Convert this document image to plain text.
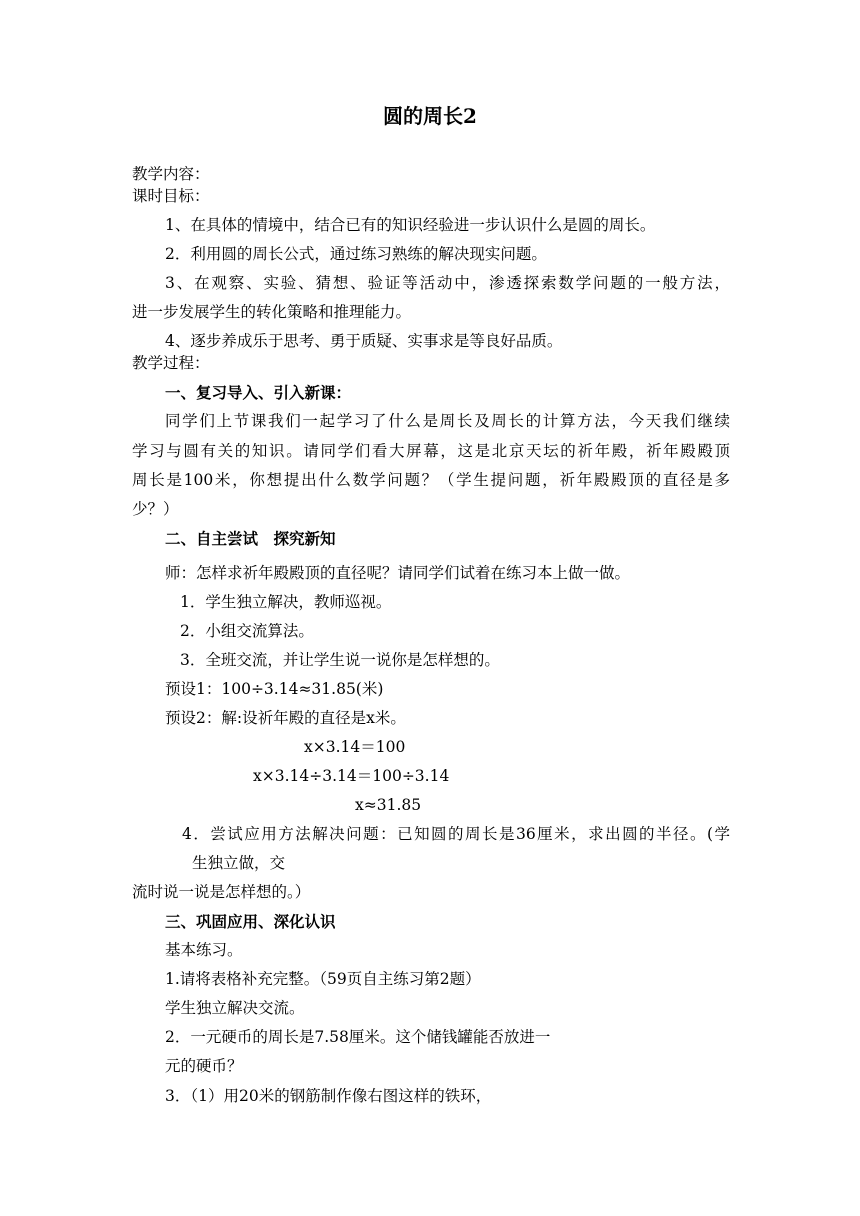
圆的周长2
教学内容：
课时目标：
1、在具体的情境中，结合已有的知识经验进一步认识什么是圆的周长。
2．利用圆的周长公式，通过练习熟练的解决现实问题。
3、在观察、实验、猜想、验证等活动中，渗透探索数学问题的一般方法，
进一步发展学生的转化策略和推理能力。
4、逐步养成乐于思考、勇于质疑、实事求是等良好品质。
教学过程：
一、复习导入、引入新课：
同学们上节课我们一起学习了什么是周长及周长的计算方法，今天我们继续
学习与圆有关的知识。请同学们看大屏幕，这是北京天坛的祈年殿，祈年殿殿顶
周长是100米，你想提出什么数学问题？（学生提问题，祈年殿殿顶的直径是多
少？）
二、自主尝试　探究新知
师：怎样求祈年殿殿顶的直径呢？请同学们试着在练习本上做一做。
1．学生独立解决，教师巡视。
2．小组交流算法。
3．全班交流，并让学生说一说你是怎样想的。
预设1：100÷3.14≈31.85(米)
预设2：解:设祈年殿的直径是x米。
x×3.14＝100
x×3.14÷3.14＝100÷3.14
x≈31.85
4．尝试应用方法解决问题：已知圆的周长是36厘米，求出圆的半径。(学
生独立做，交
流时说一说是怎样想的。）
三、巩固应用、深化认识
基本练习。
1.请将表格补充完整。（59页自主练习第2题）
学生独立解决交流。
2．一元硬币的周长是7.58厘米。这个储钱罐能否放进一
元的硬币？
3．（1）用20米的钢筋制作像右图这样的铁环，
